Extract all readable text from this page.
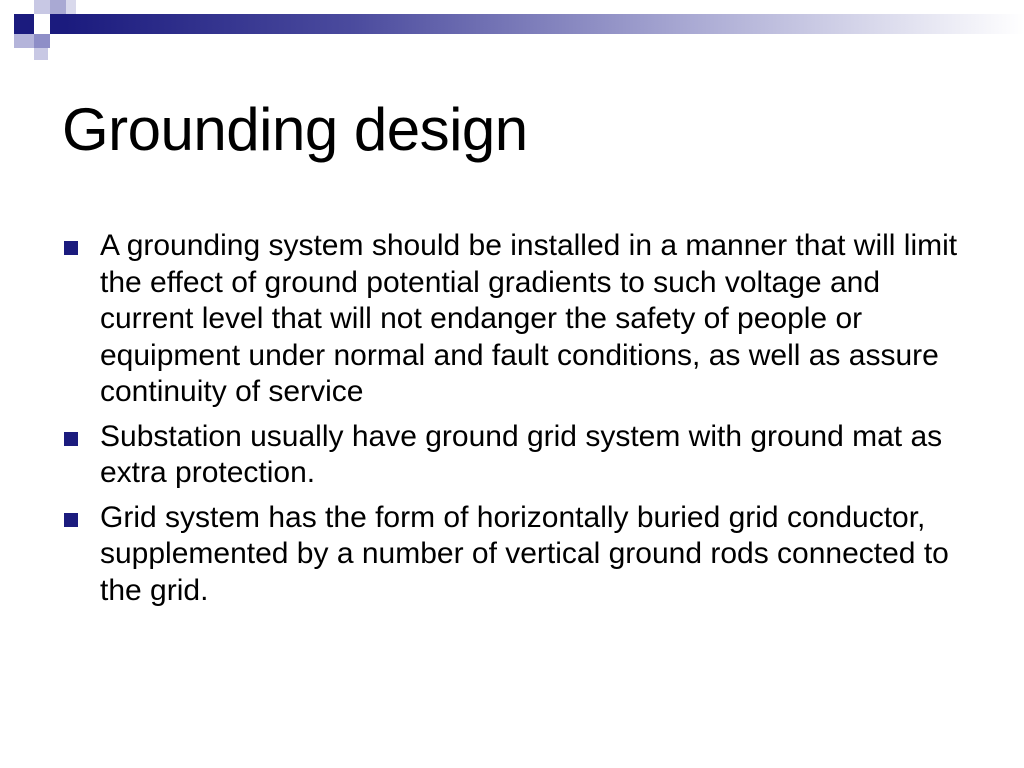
Grounding design
A grounding system should be installed in a manner that will limit the effect of ground potential gradients to such voltage and current level that will not endanger the safety of people or equipment under normal and fault conditions, as well as assure continuity of service
Substation usually have ground grid system with ground mat as extra protection.
Grid system has the form of horizontally buried grid conductor, supplemented by a number of vertical ground rods connected to the grid.
